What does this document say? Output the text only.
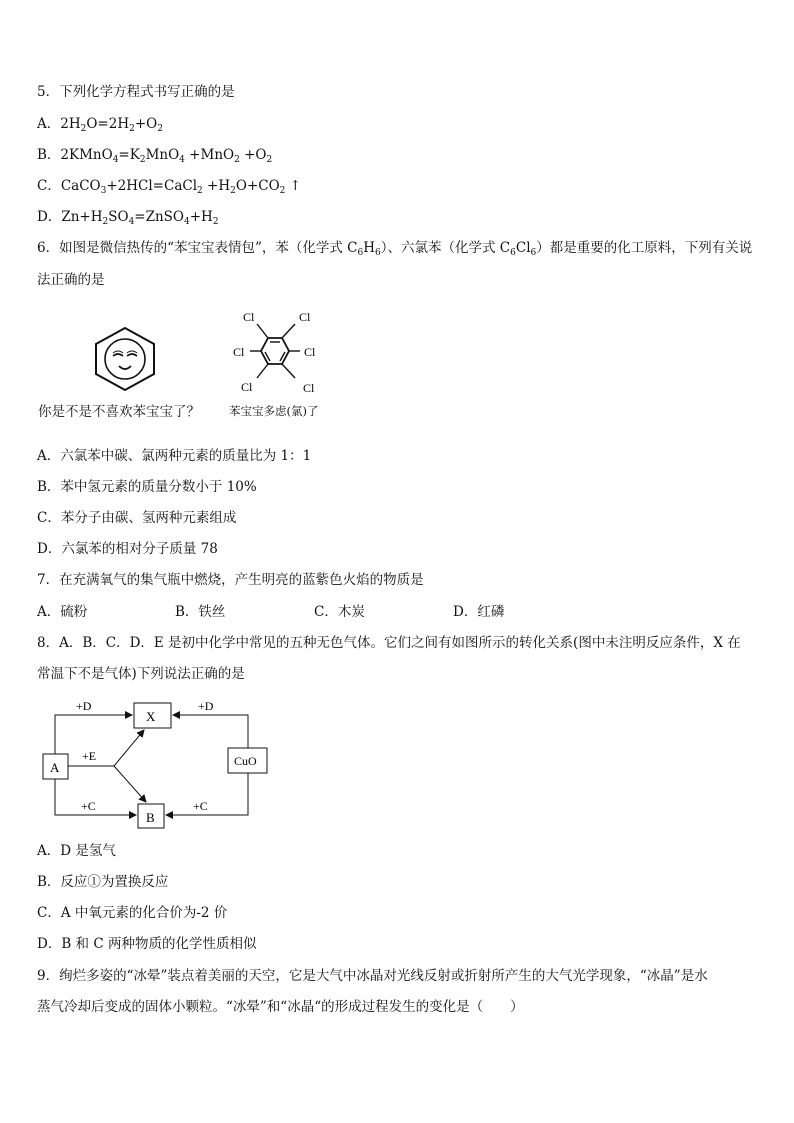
5．下列化学方程式书写正确的是
A．$2H_2O=2H_2+O_2$
B．$2KMnO_4=K_2MnO_4 +MnO_2 +O_2$
C．CaCO$_3$+2HCl=CaCl$_2$ $+H_2O+CO_2$ ↑
D．$Zn+H_2SO_4=ZnSO_4+H_2$
6．如图是微信热传的“苯宝宝表情包”，苯（化学式 $C_6H_6$）、六氯苯（化学式 $C_6Cl_6$）都是重要的化工原料，下列有关说
法正确的是
Cl	Cl
Cl	Cl
Cl	Cl
你是不是不喜欢苯宝宝了？	苯宝宝多虑(氯)了
A．六氯苯中碳、氯两种元素的质量比为 1：1
B．苯中氢元素的质量分数小于 10%
C．苯分子由碳、氢两种元素组成
D．六氯苯的相对分子质量 78
7．在充满氧气的集气瓶中燃烧，产生明亮的蓝紫色火焰的物质是
A．硫粉	B．铁丝	C．木炭	D．红磷
8．A．B．C．D．E 是初中化学中常见的五种无色气体。它们之间有如图所示的转化关系(图中未注明反应条件，X 在
常温下不是气体)下列说法正确的是
A
X
B
CuO
+D	+D
+E
+C	+C
A．D 是氢气
B．反应①为置换反应
C．A 中氧元素的化合价为-2 价
D．B 和 C 两种物质的化学性质相似
9．绚烂多姿的“冰晕”装点着美丽的天空，它是大气中冰晶对光线反射或折射所产生的大气光学现象，“冰晶”是水
蒸气冷却后变成的固体小颗粒。“冰晕”和“冰晶“的形成过程发生的变化是（　　）
